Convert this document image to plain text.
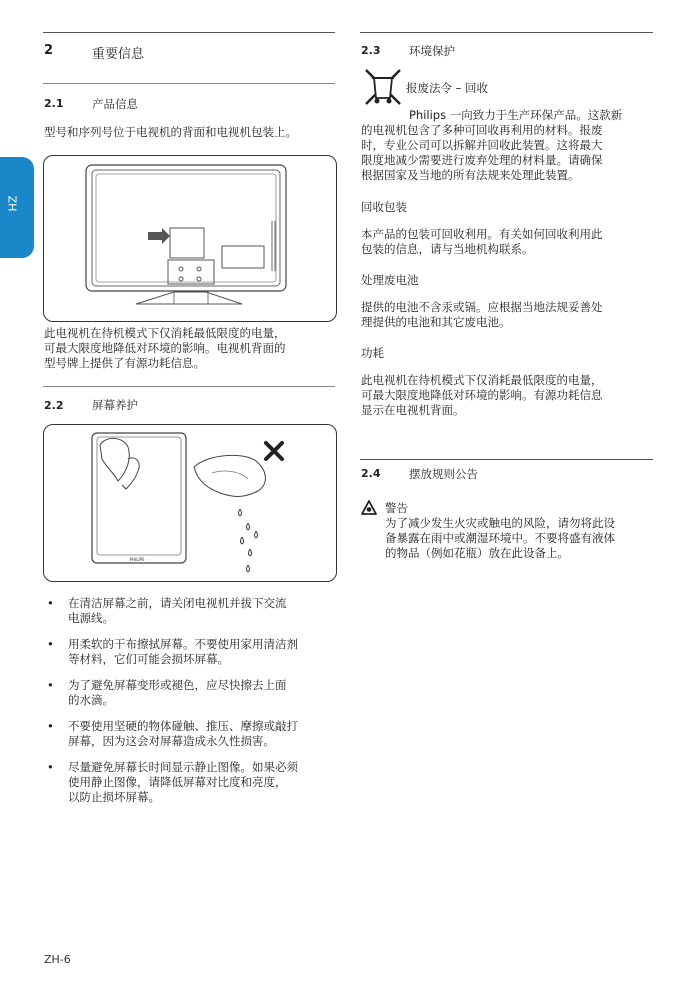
ZH
2	重要信息
2.1 产品信息
型号和序列号位于电视机的背面和电视机包装上。
此电视机在待机模式下仅消耗最低限度的电量，
可最大限度地降低对环境的影响。电视机背面的
型号牌上提供了有源功耗信息。
2.2 屏幕养护
PHILIPS
• 在清洁屏幕之前，请关闭电视机并拔下交流
电源线。
• 用柔软的干布擦拭屏幕。不要使用家用清洁剂
等材料，它们可能会损坏屏幕。
• 为了避免屏幕变形或褪色，应尽快擦去上面
的水滴。
• 不要使用坚硬的物体碰触、推压、摩擦或敲打
屏幕，因为这会对屏幕造成永久性损害。
• 尽量避免屏幕长时间显示静止图像。如果必须
使用静止图像，请降低屏幕对比度和亮度，
以防止损坏屏幕。
ZH-6
2.3 环境保护
报废法令 – 回收
Philips 一向致力于生产环保产品。这款新
的电视机包含了多种可回收再利用的材料。报废
时，专业公司可以拆解并回收此装置。这将最大
限度地减少需要进行废弃处理的材料量。请确保
根据国家及当地的所有法规来处理此装置。
回收包装
本产品的包装可回收利用。有关如何回收利用此
包装的信息，请与当地机构联系。
处理废电池
提供的电池不含汞或镉。应根据当地法规妥善处
理提供的电池和其它废电池。
功耗
此电视机在待机模式下仅消耗最低限度的电量，
可最大限度地降低对环境的影响。有源功耗信息
显示在电视机背面。
2.4 摆放规则公告
警告
为了减少发生火灾或触电的风险，请勿将此设
备暴露在雨中或潮湿环境中。不要将盛有液体
的物品（例如花瓶）放在此设备上。
